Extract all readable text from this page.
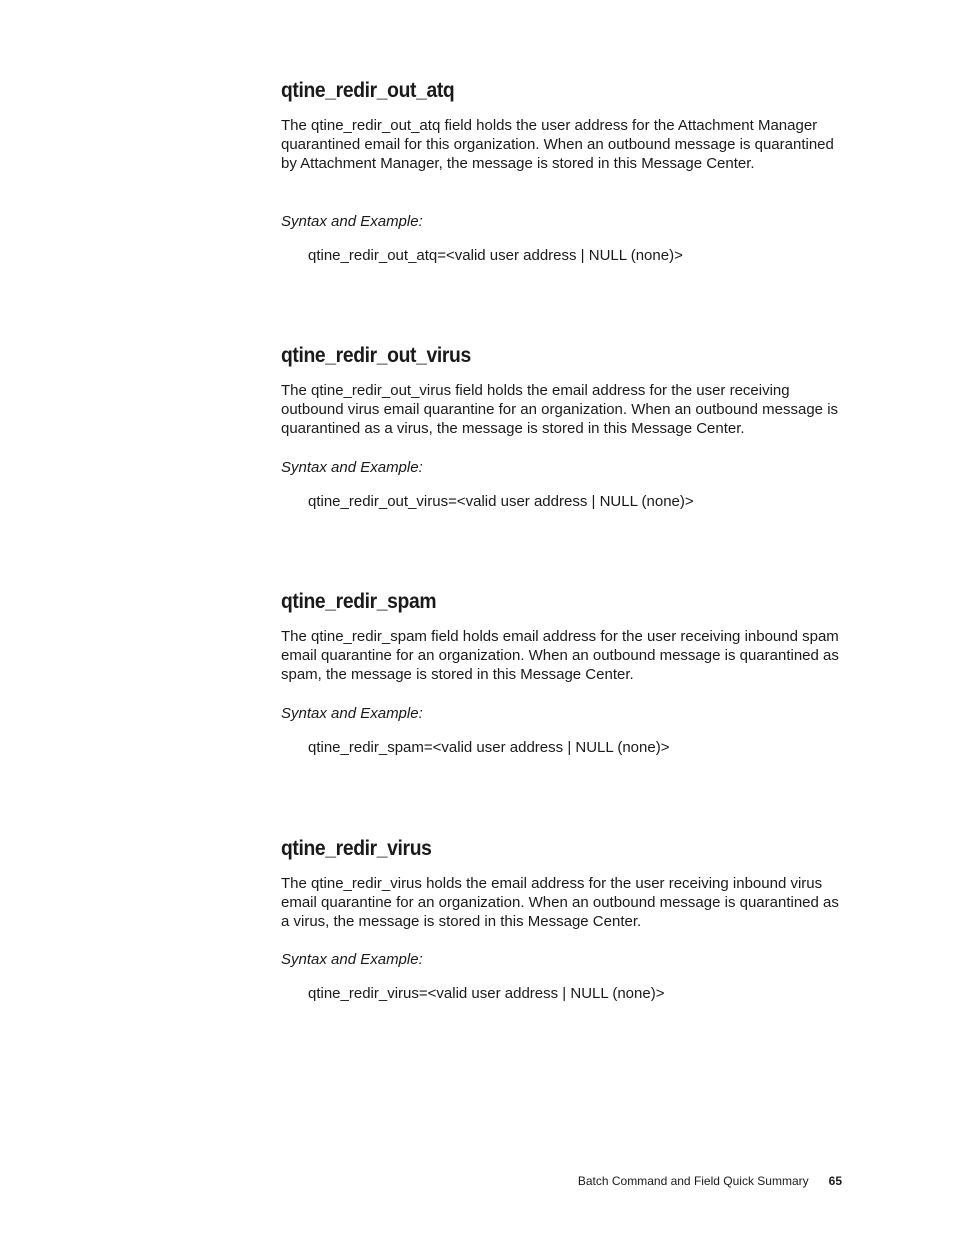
qtine_redir_out_atq

The qtine_redir_out_atq field holds the user address for the Attachment Manager quarantined email for this organization. When an outbound message is quarantined by Attachment Manager, the message is stored in this Message Center.

Syntax and Example:

qtine_redir_out_atq=<valid user address | NULL (none)>

qtine_redir_out_virus

The qtine_redir_out_virus field holds the email address for the user receiving outbound virus email quarantine for an organization. When an outbound message is quarantined as a virus, the message is stored in this Message Center.

Syntax and Example:

qtine_redir_out_virus=<valid user address | NULL (none)>

qtine_redir_spam

The qtine_redir_spam field holds email address for the user receiving inbound spam email quarantine for an organization. When an outbound message is quarantined as spam, the message is stored in this Message Center.

Syntax and Example:

qtine_redir_spam=<valid user address | NULL (none)>

qtine_redir_virus

The qtine_redir_virus holds the email address for the user receiving inbound virus email quarantine for an organization. When an outbound message is quarantined as a virus, the message is stored in this Message Center.

Syntax and Example:

qtine_redir_virus=<valid user address | NULL (none)>

Batch Command and Field Quick Summary 65
